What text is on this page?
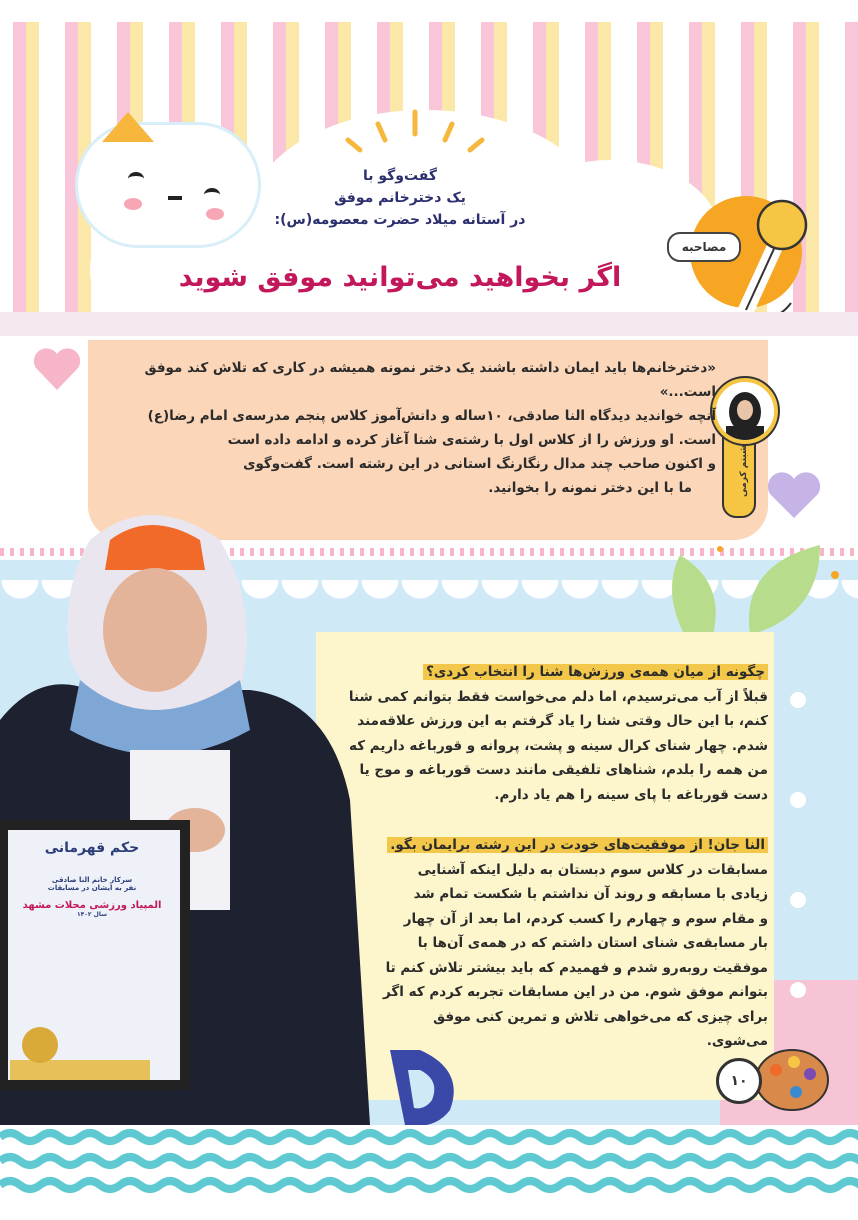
گفت‌وگو با
یک دخترخانم موفق
در آستانه میلاد حضرت معصومه(س):
اگر بخواهید می‌توانید موفق شوید
مصاحبه
شبنم کرمی
«دخترخانم‌ها باید ایمان داشته باشند یک دختر نمونه همیشه در کاری که تلاش کند موفق
است...»
آنچه خواندید دیدگاه النا صادقی، ۱۰ساله و دانش‌آموز کلاس پنجم مدرسه‌ی امام رضا(ع)
است. او ورزش را از کلاس اول با رشته‌ی شنا آغاز کرده و ادامه داده است
و اکنون صاحب چند مدال رنگارنگ استانی در این رشته است. گفت‌وگوی
ما با این دختر نمونه را بخوانید.
حکم قهرمانی
سرکار خانم النا صادقی
نفر به ایشان در مسابقات
المپیاد ورزشی محلات مشهد
سال ۱۴۰۲
چگونه از میان همه‌ی ورزش‌ها شنا را انتخاب کردی؟
قبلاً از آب می‌ترسیدم، اما دلم می‌خواست فقط بتوانم کمی شنا
کنم، با این حال وقتی شنا را یاد گرفتم به این ورزش علاقه‌مند
شدم. چهار شنای کرال سینه و پشت، پروانه و قورباغه داریم که
من همه را بلدم، شناهای تلفیقی مانند دست قورباغه و موج یا
دست قورباغه با پای سینه را هم یاد دارم.
النا جان! از موفقیت‌های خودت در این رشته برایمان بگو.
مسابقات در کلاس سوم دبستان به دلیل اینکه آشنایی
زیادی با مسابقه و روند آن نداشتم با شکست تمام شد
و مقام سوم و چهارم را کسب کردم، اما بعد از آن چهار
بار مسابقه‌ی شنای استان داشتم که در همه‌ی آن‌ها با
موفقیت روبه‌رو شدم و فهمیدم که باید بیشتر تلاش کنم تا
بتوانم موفق شوم. من در این مسابقات تجربه کردم که اگر
برای چیزی که می‌خواهی تلاش و تمرین کنی موفق
می‌شوی.
۱۰
